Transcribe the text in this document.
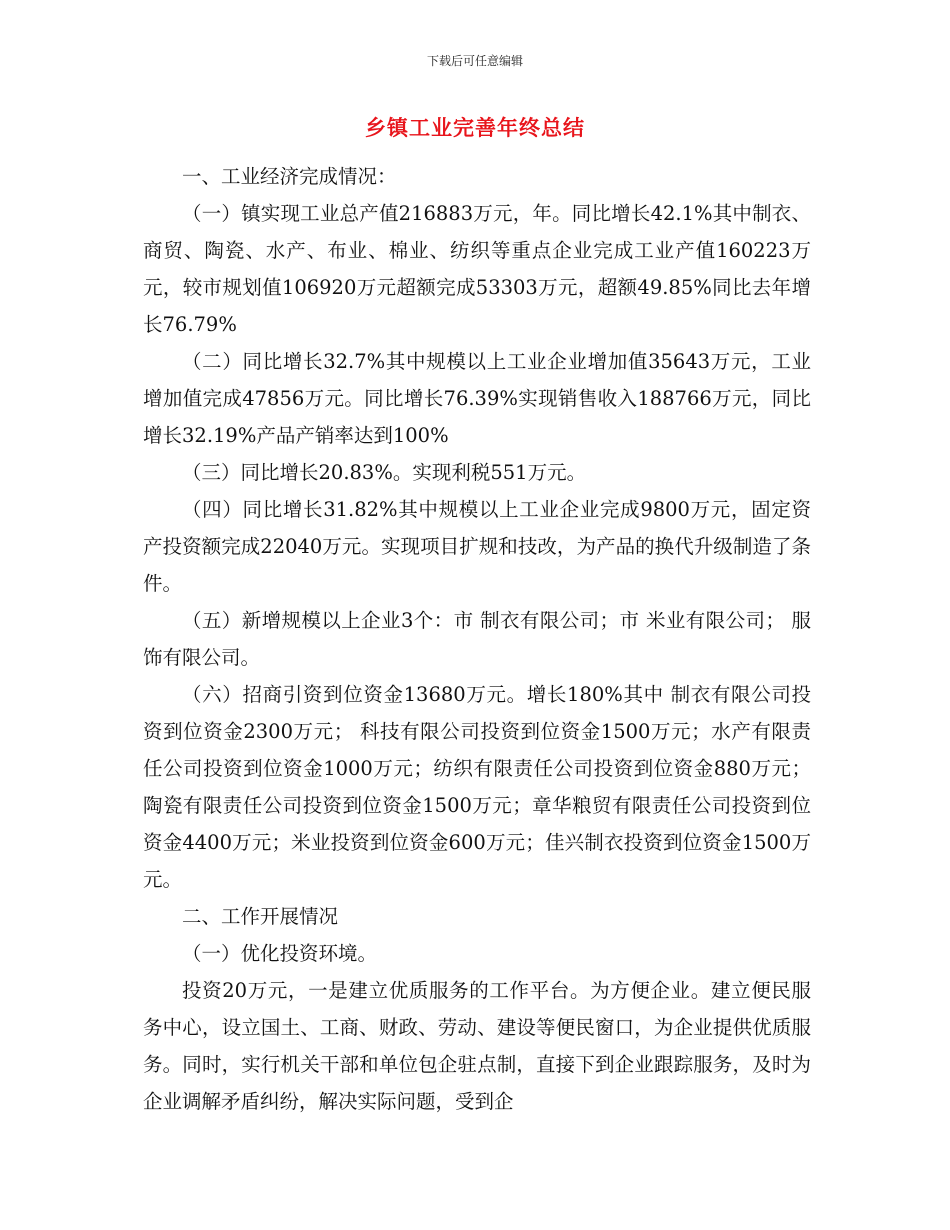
下载后可任意编辑
乡镇工业完善年终总结

一、工业经济完成情况：

（一）镇实现工业总产值216883万元，年。同比增长42.1%其中制衣、商贸、陶瓷、水产、布业、棉业、纺织等重点企业完成工业产值160223万元，较市规划值106920万元超额完成53303万元，超额49.85%同比去年增长76.79%

（二）同比增长32.7%其中规模以上工业企业增加值35643万元，工业增加值完成47856万元。同比增长76.39%实现销售收入188766万元，同比增长32.19%产品产销率达到100%

（三）同比增长20.83%。实现利税551万元。

（四）同比增长31.82%其中规模以上工业企业完成9800万元，固定资产投资额完成22040万元。实现项目扩规和技改，为产品的换代升级制造了条件。

（五）新增规模以上企业3个：市 制衣有限公司；市 米业有限公司； 服饰有限公司。

（六）招商引资到位资金13680万元。增长180%其中 制衣有限公司投资到位资金2300万元； 科技有限公司投资到位资金1500万元；水产有限责任公司投资到位资金1000万元；纺织有限责任公司投资到位资金880万元；陶瓷有限责任公司投资到位资金1500万元；章华粮贸有限责任公司投资到位资金4400万元；米业投资到位资金600万元；佳兴制衣投资到位资金1500万元。

二、工作开展情况

（一）优化投资环境。

投资20万元，一是建立优质服务的工作平台。为方便企业。建立便民服务中心，设立国土、工商、财政、劳动、建设等便民窗口，为企业提供优质服务。同时，实行机关干部和单位包企驻点制，直接下到企业跟踪服务，及时为企业调解矛盾纠纷，解决实际问题，受到企
